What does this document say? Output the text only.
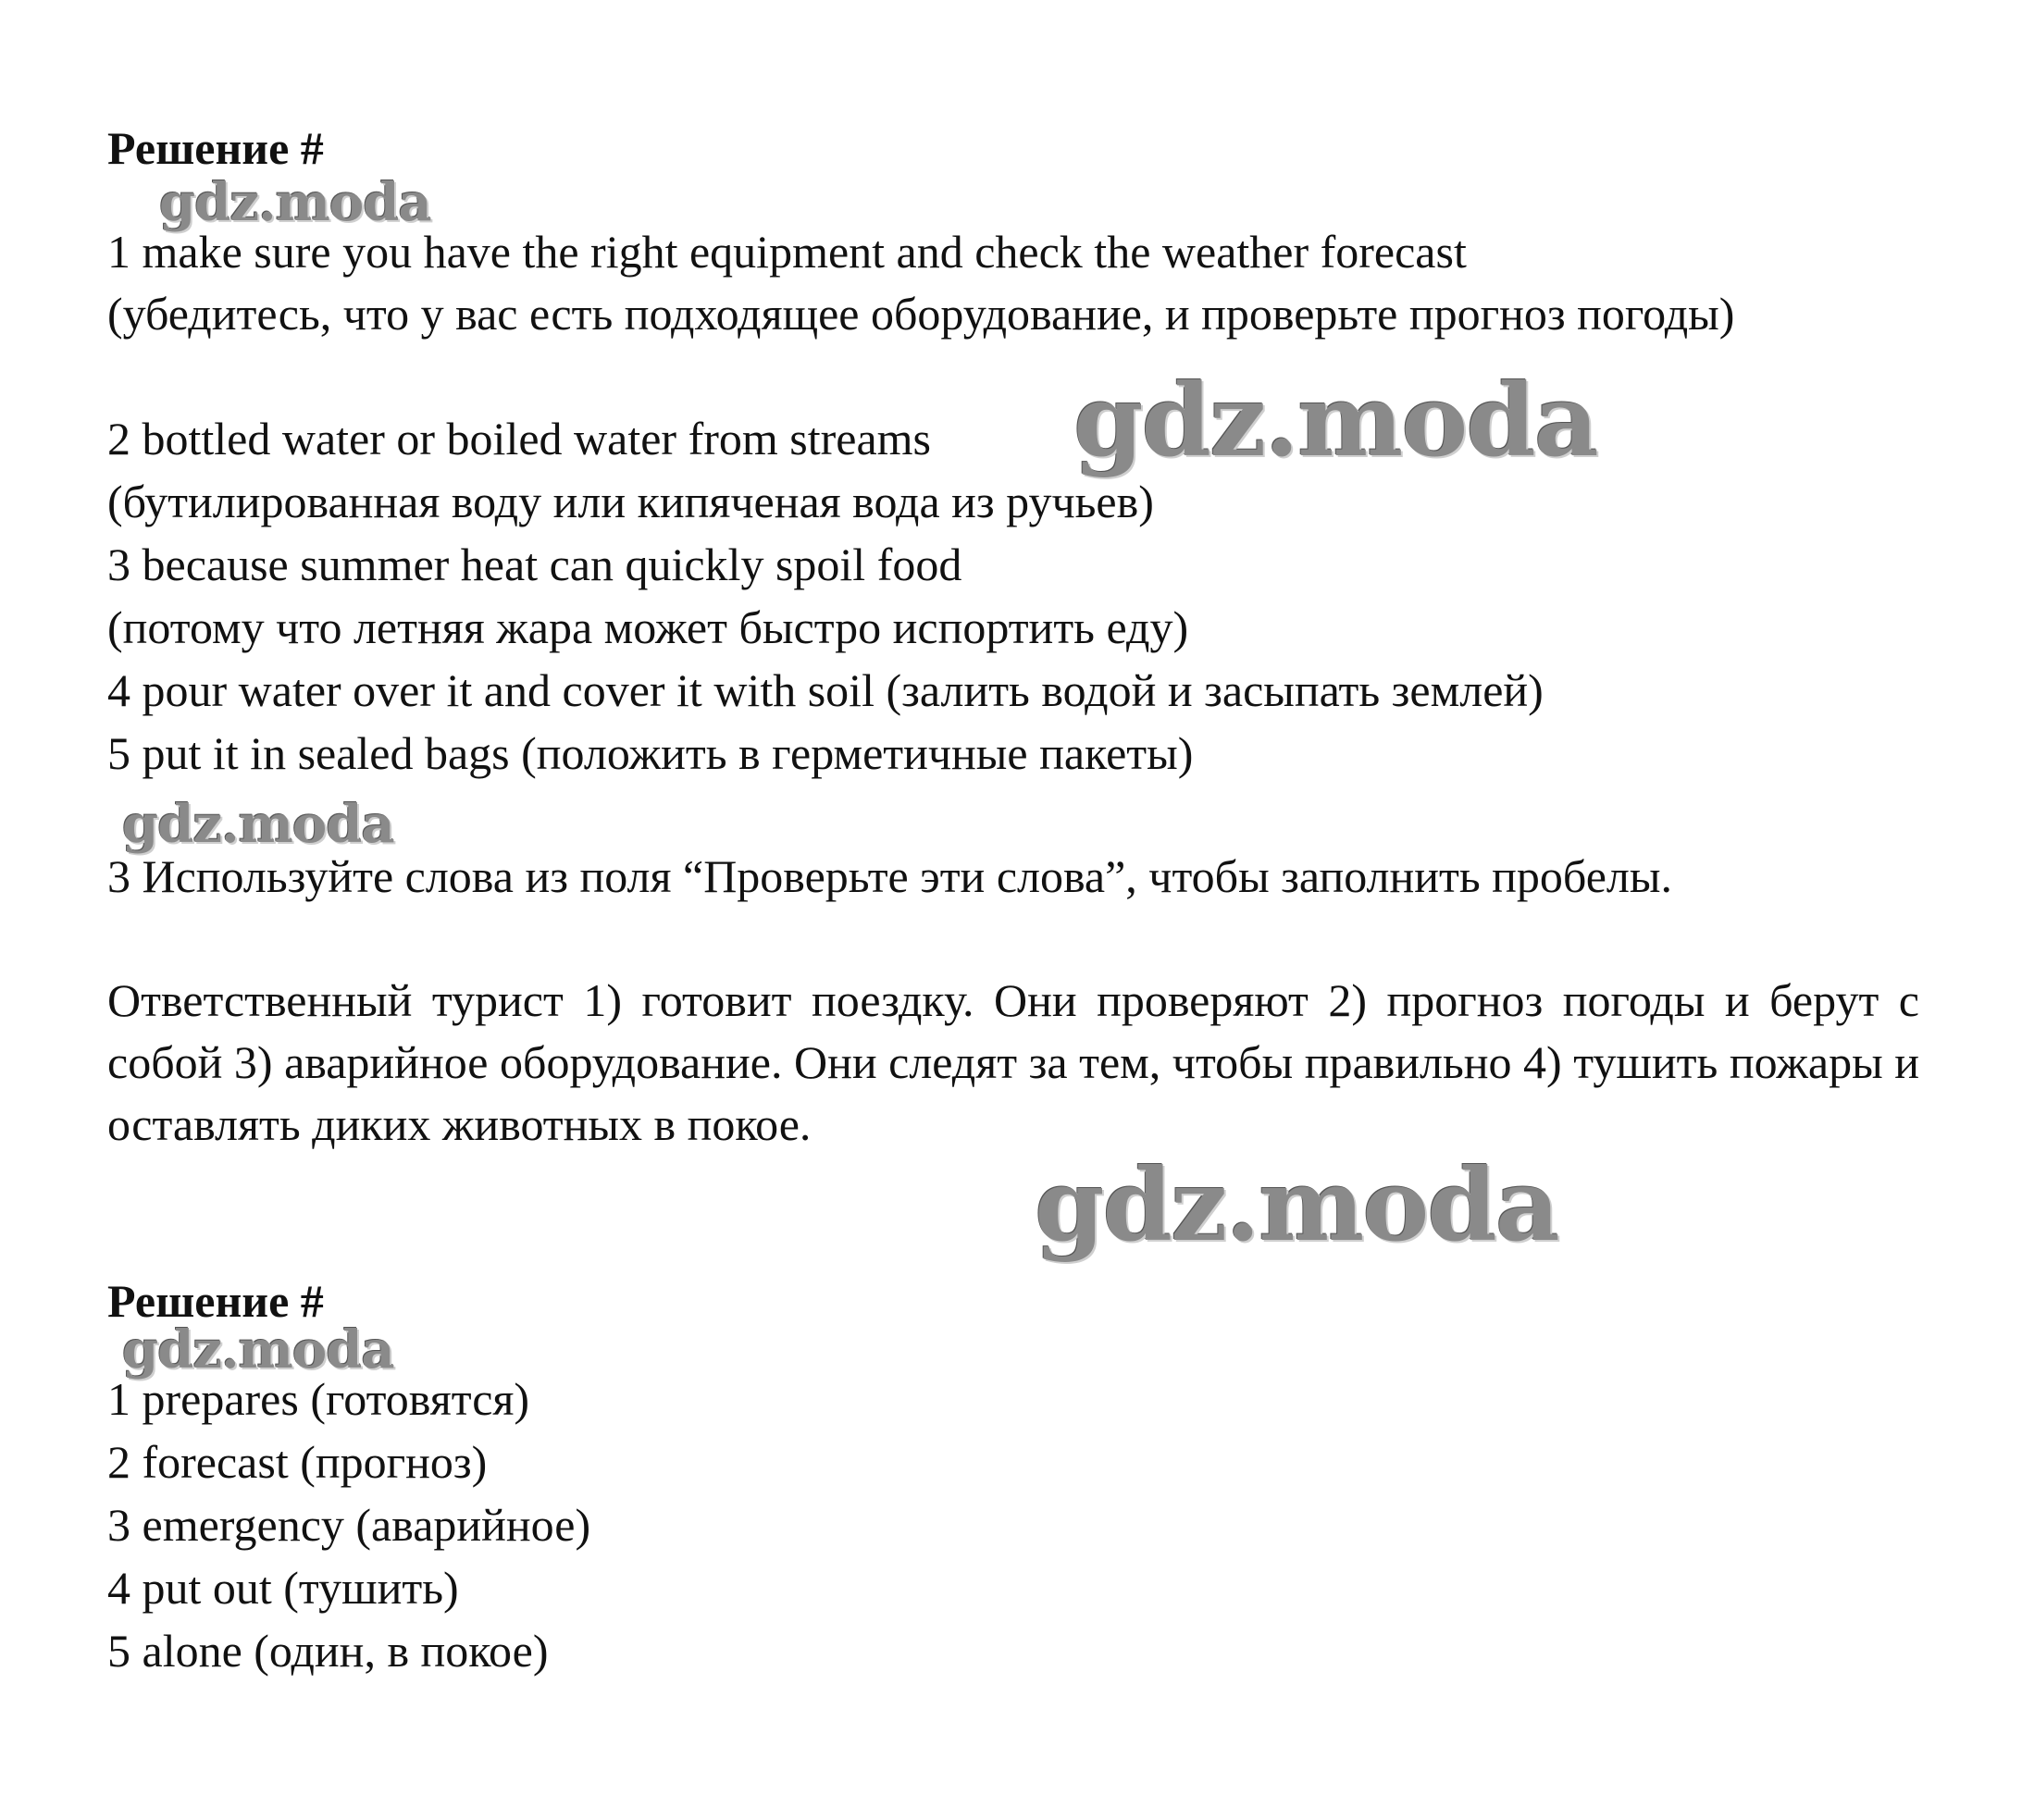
Решение #
gdz.moda
1 make sure you have the right equipment and check the weather forecast
(убедитесь, что у вас есть подходящее оборудование, и проверьте прогноз погоды)
2 bottled water or boiled water from streams	gdz.moda
(бутилированная воду или кипяченая вода из ручьев)
3 because summer heat can quickly spoil food
(потому что летняя жара может быстро испортить еду)
4 pour water over it and cover it with soil (залить водой и засыпать землей)
5 put it in sealed bags (положить в герметичные пакеты)
gdz.moda
3 Используйте слова из поля “Проверьте эти слова”, чтобы заполнить пробелы.
Ответственный турист 1) готовит поездку. Они проверяют 2) прогноз погоды и берут с собой 3) аварийное оборудование. Они следят за тем, чтобы правильно 4) тушить пожары и оставлять диких животных в покое.
gdz.moda
Решение #
gdz.moda
1 prepares (готовятся)
2 forecast (прогноз)
3 emergency (аварийное)
4 put out (тушить)
5 alone (один, в покое)
